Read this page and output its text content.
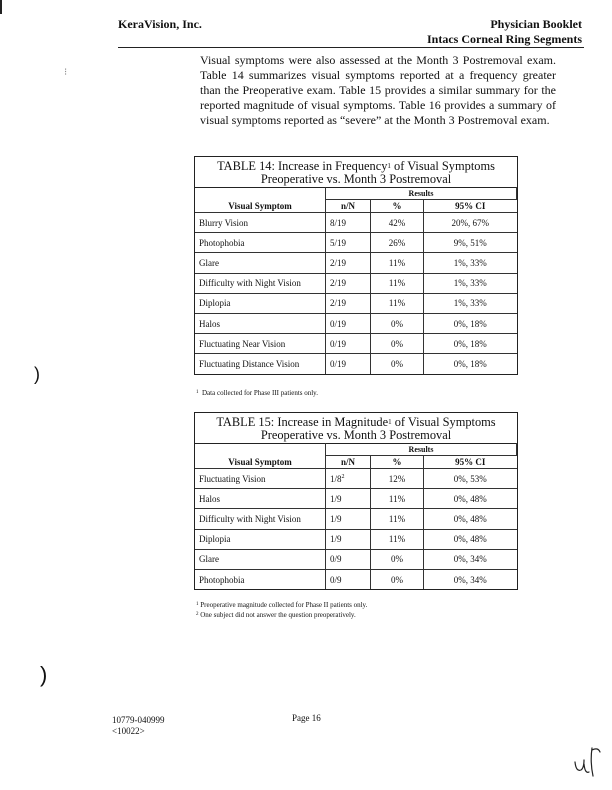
⁝
)
)
KeraVision, Inc.	Physician Booklet
Intacs Corneal Ring Segments
Visual symptoms were also assessed at the Month 3 Postremoval exam. Table 14 summarizes visual symptoms reported at a frequency greater than the Preoperative exam. Table 15 provides a similar summary for the reported magnitude of visual symptoms. Table 16 provides a summary of visual symptoms reported as “severe” at the Month 3 Postremoval exam.
TABLE 14: Increase in Frequency$^1$ of Visual Symptoms
Preoperative vs. Month 3 Postremoval
	Results		
Visual Symptom	n/N	%	95% CI
Blurry Vision	8/19	42%	20%, 67%
Photophobia	5/19	26%	9%, 51%
Glare	2/19	11%	1%, 33%
Difficulty with Night Vision	2/19	11%	1%, 33%
Diplopia	2/19	11%	1%, 33%
Halos	0/19	0%	0%, 18%
Fluctuating Near Vision	0/19	0%	0%, 18%
Fluctuating Distance Vision	0/19	0%	0%, 18%
$^1$ Data collected for Phase III patients only.
TABLE 15: Increase in Magnitude$^1$ of Visual Symptoms
Preoperative vs. Month 3 Postremoval
	Results		
Visual Symptom	n/N	%	95% CI
Fluctuating Vision	$1/8^2$	12%	0%, 53%
Halos	1/9	11%	0%, 48%
Difficulty with Night Vision	1/9	11%	0%, 48%
Diplopia	1/9	11%	0%, 48%
Glare	0/9	0%	0%, 34%
Photophobia	0/9	0%	0%, 34%
$^1$ Preoperative magnitude collected for Phase II patients only.
$^2$ One subject did not answer the question preoperatively.
10779-040999
<10022>
Page 16
